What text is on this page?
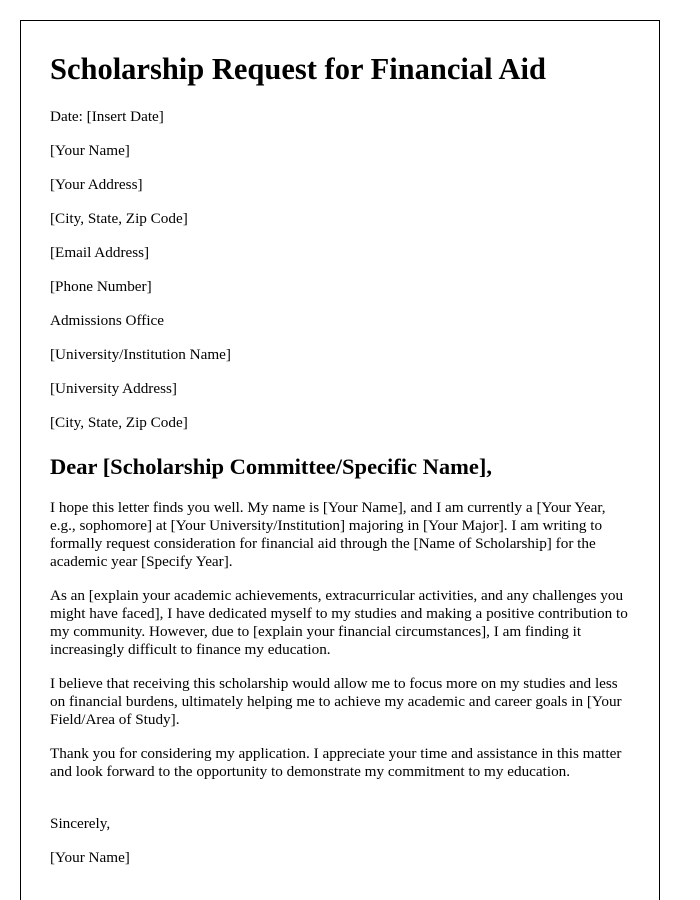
Scholarship Request for Financial Aid

Date: [Insert Date]

[Your Name]

[Your Address]

[City, State, Zip Code]

[Email Address]

[Phone Number]

Admissions Office

[University/Institution Name]

[University Address]

[City, State, Zip Code]

Dear [Scholarship Committee/Specific Name],

I hope this letter finds you well. My name is [Your Name], and I am currently a [Your Year, e.g., sophomore] at [Your University/Institution] majoring in [Your Major]. I am writing to formally request consideration for financial aid through the [Name of Scholarship] for the academic year [Specify Year].

As an [explain your academic achievements, extracurricular activities, and any challenges you might have faced], I have dedicated myself to my studies and making a positive contribution to my community. However, due to [explain your financial circumstances], I am finding it increasingly difficult to finance my education.

I believe that receiving this scholarship would allow me to focus more on my studies and less on financial burdens, ultimately helping me to achieve my academic and career goals in [Your Field/Area of Study].

Thank you for considering my application. I appreciate your time and assistance in this matter and look forward to the opportunity to demonstrate my commitment to my education.

Sincerely,

[Your Name]
